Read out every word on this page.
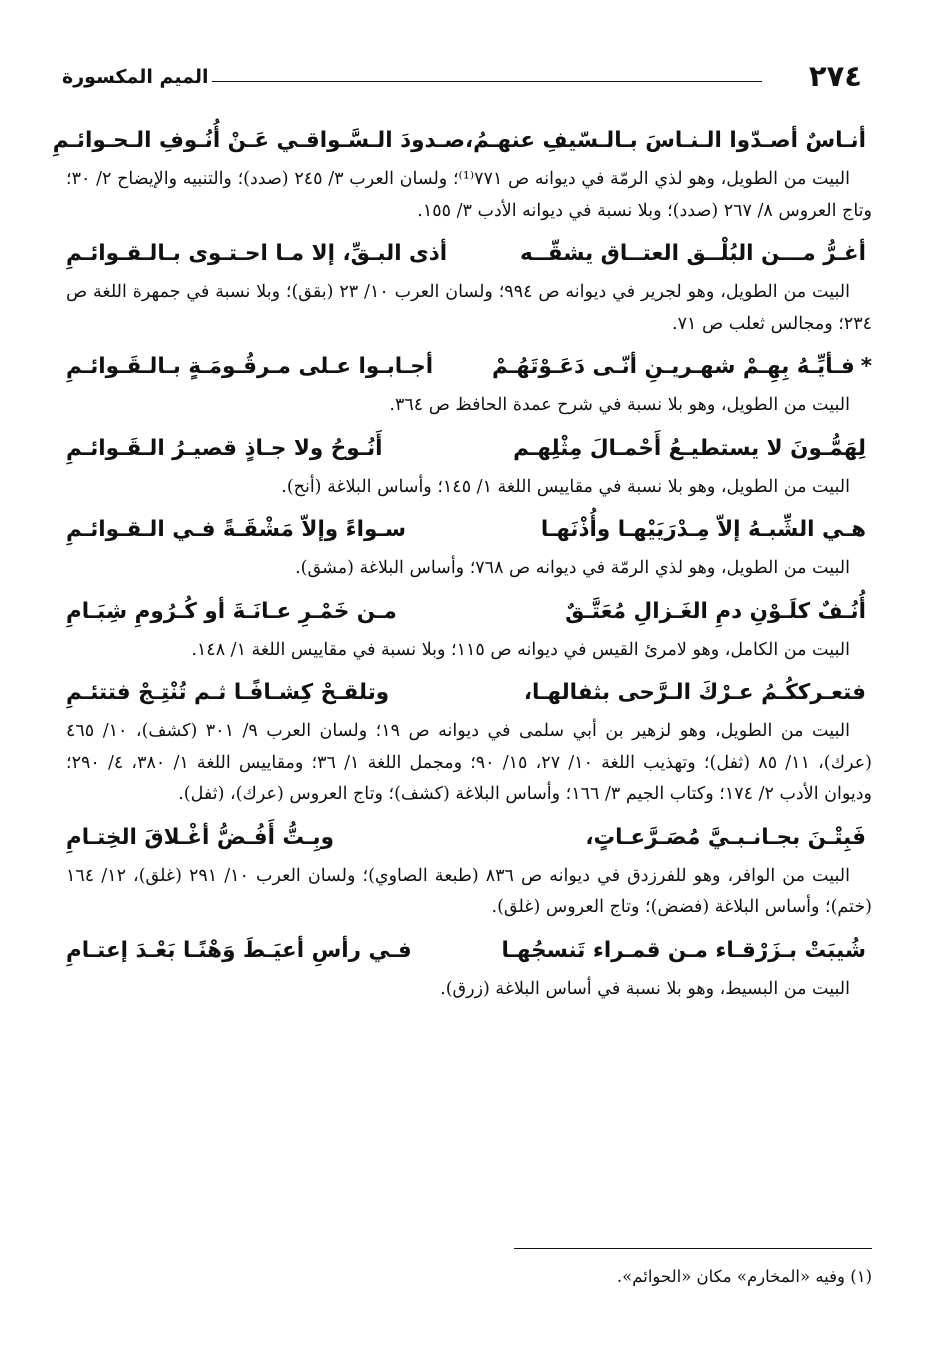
٢٧٤
الميم المكسورة
أنـاسٌ أصـدّوا الـنـاسَ بـالـسّيفِ عنهـمُ،
صـدودَ الـسَّـواقـي عَـنْ أُنُـوفِ الـحـوائـمِ
البيت من الطويل، وهو لذي الرمّة في ديوانه ص ٧٧١⁽¹⁾؛ ولسان العرب ٣/ ٢٤٥ (صدد)؛ والتنبيه والإيضاح ٢/ ٣٠؛ وتاج العروس ٨/ ٢٦٧ (صدد)؛ وبلا نسبة في ديوانه الأدب ٣/ ١٥٥.
أغـرُّ مـــن البُلْــق العتــاق يشقّــه
أذى البـقِّ، إلا مـا احـتـوى بـالـقـوائـمِ
البيت من الطويل، وهو لجرير في ديوانه ص ٩٩٤؛ ولسان العرب ١٠/ ٢٣ (بقق)؛ وبلا نسبة في جمهرة اللغة ص ٢٣٤؛ ومجالس ثعلب ص ٧١.
*فـأيِّـهُ بِهِـمْ شهـريـنِ أنّـى دَعَـوْتَهُـمْ
أجـابـوا عـلى مـرقُـومَـةٍ بـالـقَـوائـمِ
البيت من الطويل، وهو بلا نسبة في شرح عمدة الحافظ ص ٣٦٤.
لِهَمُّـونَ لا يستطيـعُ أَحْمـالَ مِثْلِهـم
أَنُـوحُ ولا جـاذٍ قصيـرُ الـقَـوائـمِ
البيت من الطويل، وهو بلا نسبة في مقاييس اللغة ١/ ١٤٥؛ وأساس البلاغة (أنح).
هـي الشِّبـهُ إلاّ مِـدْرَيَيْهـا وأُذْنَهـا
سـواءً وإلاّ مَشْقَـةً فـي الـقـوائـمِ
البيت من الطويل، وهو لذي الرمّة في ديوانه ص ٧٦٨؛ وأساس البلاغة (مشق).
أُنُـفٌ كلَـوْنِ دمِ الغَـزالِ مُعَتَّـقٌ
مـن خَمْـرِ عـانَـةَ أو كُـرُومِ شِبَـامِ
البيت من الكامل، وهو لامرئ القيس في ديوانه ص ١١٥؛ وبلا نسبة في مقاييس اللغة ١/ ١٤٨.
فتعـرككُـمُ عـرْكَ الـرَّحى بثفالهـا،
وتلقـحْ كِشـافًـا ثـم تُنْتِـجْ فتتئـمِ
البيت من الطويل، وهو لزهير بن أبي سلمى في ديوانه ص ١٩؛ ولسان العرب ٩/ ٣٠١ (كشف)، ١٠/ ٤٦٥ (عرك)، ١١/ ٨٥ (ثفل)؛ وتهذيب اللغة ١٠/ ٢٧، ١٥/ ٩٠؛ ومجمل اللغة ١/ ٣٦؛ ومقاييس اللغة ١/ ٣٨٠، ٤/ ٢٩٠؛ وديوان الأدب ٢/ ١٧٤؛ وكتاب الجيم ٣/ ١٦٦؛ وأساس البلاغة (كشف)؛ وتاج العروس (عرك)، (ثفل).
فَبِتْـنَ بجـانـبـيَّ مُصَـرَّعـاتٍ،
وبِـتُّ أَفُـضُّ أغْـلاقَ الخِتـامِ
البيت من الوافر، وهو للفرزدق في ديوانه ص ٨٣٦ (طبعة الصاوي)؛ ولسان العرب ١٠/ ٢٩١ (غلق)، ١٢/ ١٦٤ (ختم)؛ وأساس البلاغة (فضض)؛ وتاج العروس (غلق).
شُيبَتْ بـزَرْقـاء مـن قمـراء تَنسجُهـا
فـي رأسِ أعيَـطَ وَهْنًـا بَعْـدَ إعتـامِ
البيت من البسيط، وهو بلا نسبة في أساس البلاغة (زرق).
(١) وفيه «المخارم» مكان «الحوائم».
